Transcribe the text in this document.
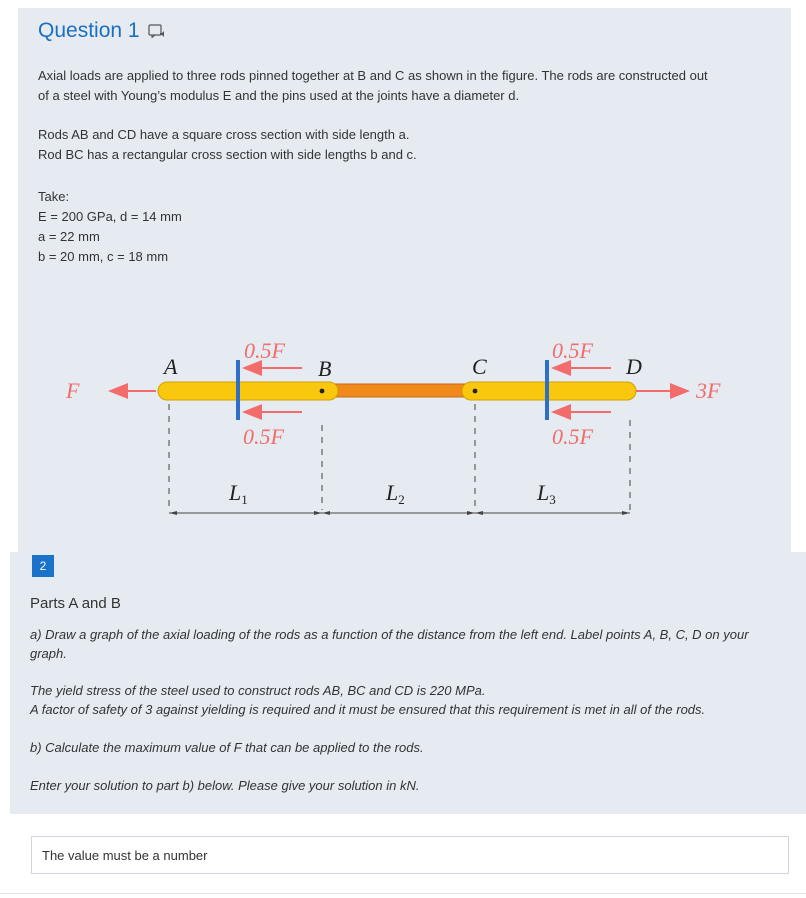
Question 1
Axial loads are applied to three rods pinned together at B and C as shown in the figure. The rods are constructed out
of a steel with Young’s modulus E and the pins used at the joints have a diameter d.
Rods AB and CD have a square cross section with side length a.
Rod BC has a rectangular cross section with side lengths b and c.
Take:
E = 200 GPa, d = 14 mm
a = 22 mm
b = 20 mm, c = 18 mm
A	B	C	D
F	3F
0.5F
0.5F
0.5F
0.5F
L1	L2	L3
2
Parts A and B
a) Draw a graph of the axial loading of the rods as a function of the distance from the left end. Label points A, B, C, D on your
graph.
The yield stress of the steel used to construct rods AB, BC and CD is 220 MPa.
A factor of safety of 3 against yielding is required and it must be ensured that this requirement is met in all of the rods.
b) Calculate the maximum value of F that can be applied to the rods.
Enter your solution to part b) below. Please give your solution in kN.
The value must be a number
